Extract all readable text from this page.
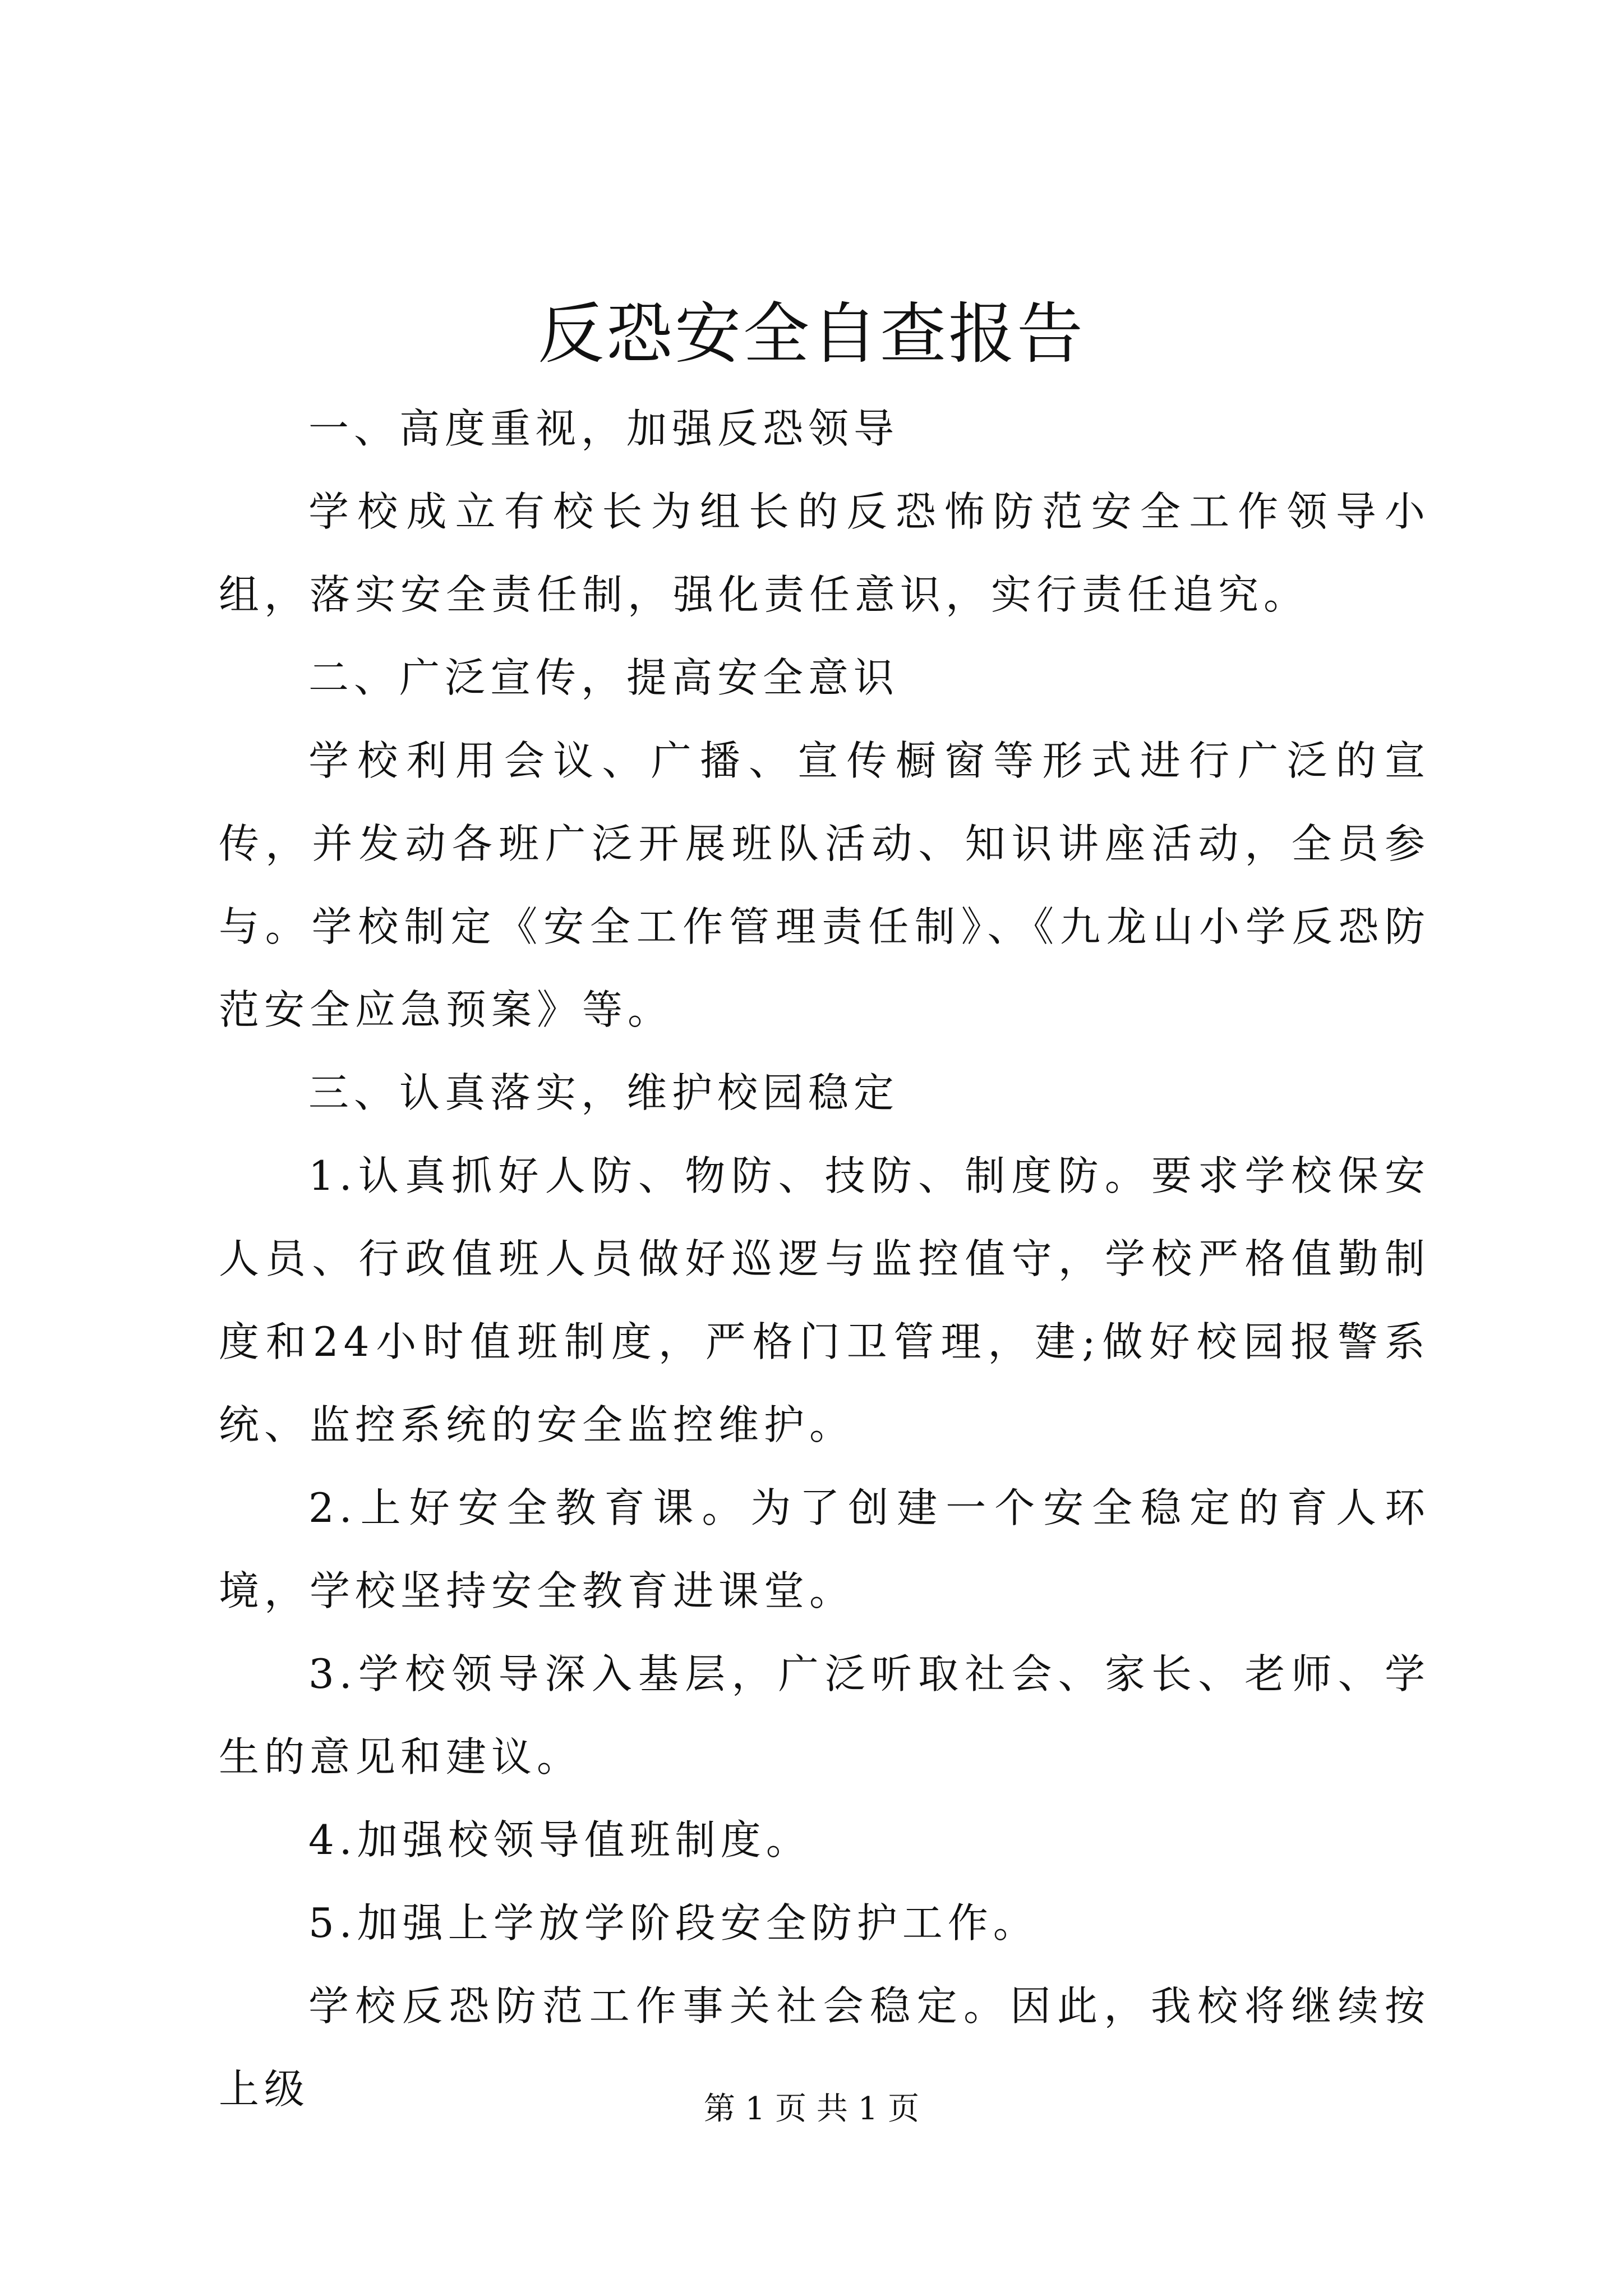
反恐安全自查报告

一、高度重视，加强反恐领导

学校成立有校长为组长的反恐怖防范安全工作领导小组，落实安全责任制，强化责任意识，实行责任追究。

二、广泛宣传，提高安全意识

学校利用会议、广播、宣传橱窗等形式进行广泛的宣传，并发动各班广泛开展班队活动、知识讲座活动，全员参与。学校制定《安全工作管理责任制》、《九龙山小学反恐防范安全应急预案》等。

三、认真落实，维护校园稳定

1.认真抓好人防、物防、技防、制度防。要求学校保安人员、行政值班人员做好巡逻与监控值守，学校严格值勤制度和24小时值班制度，严格门卫管理，建;做好校园报警系统、监控系统的安全监控维护。

2.上好安全教育课。为了创建一个安全稳定的育人环境，学校坚持安全教育进课堂。

3.学校领导深入基层，广泛听取社会、家长、老师、学生的意见和建议。

4.加强校领导值班制度。

5.加强上学放学阶段安全防护工作。

学校反恐防范工作事关社会稳定。因此，我校将继续按上级	第 1 页 共 1 页
